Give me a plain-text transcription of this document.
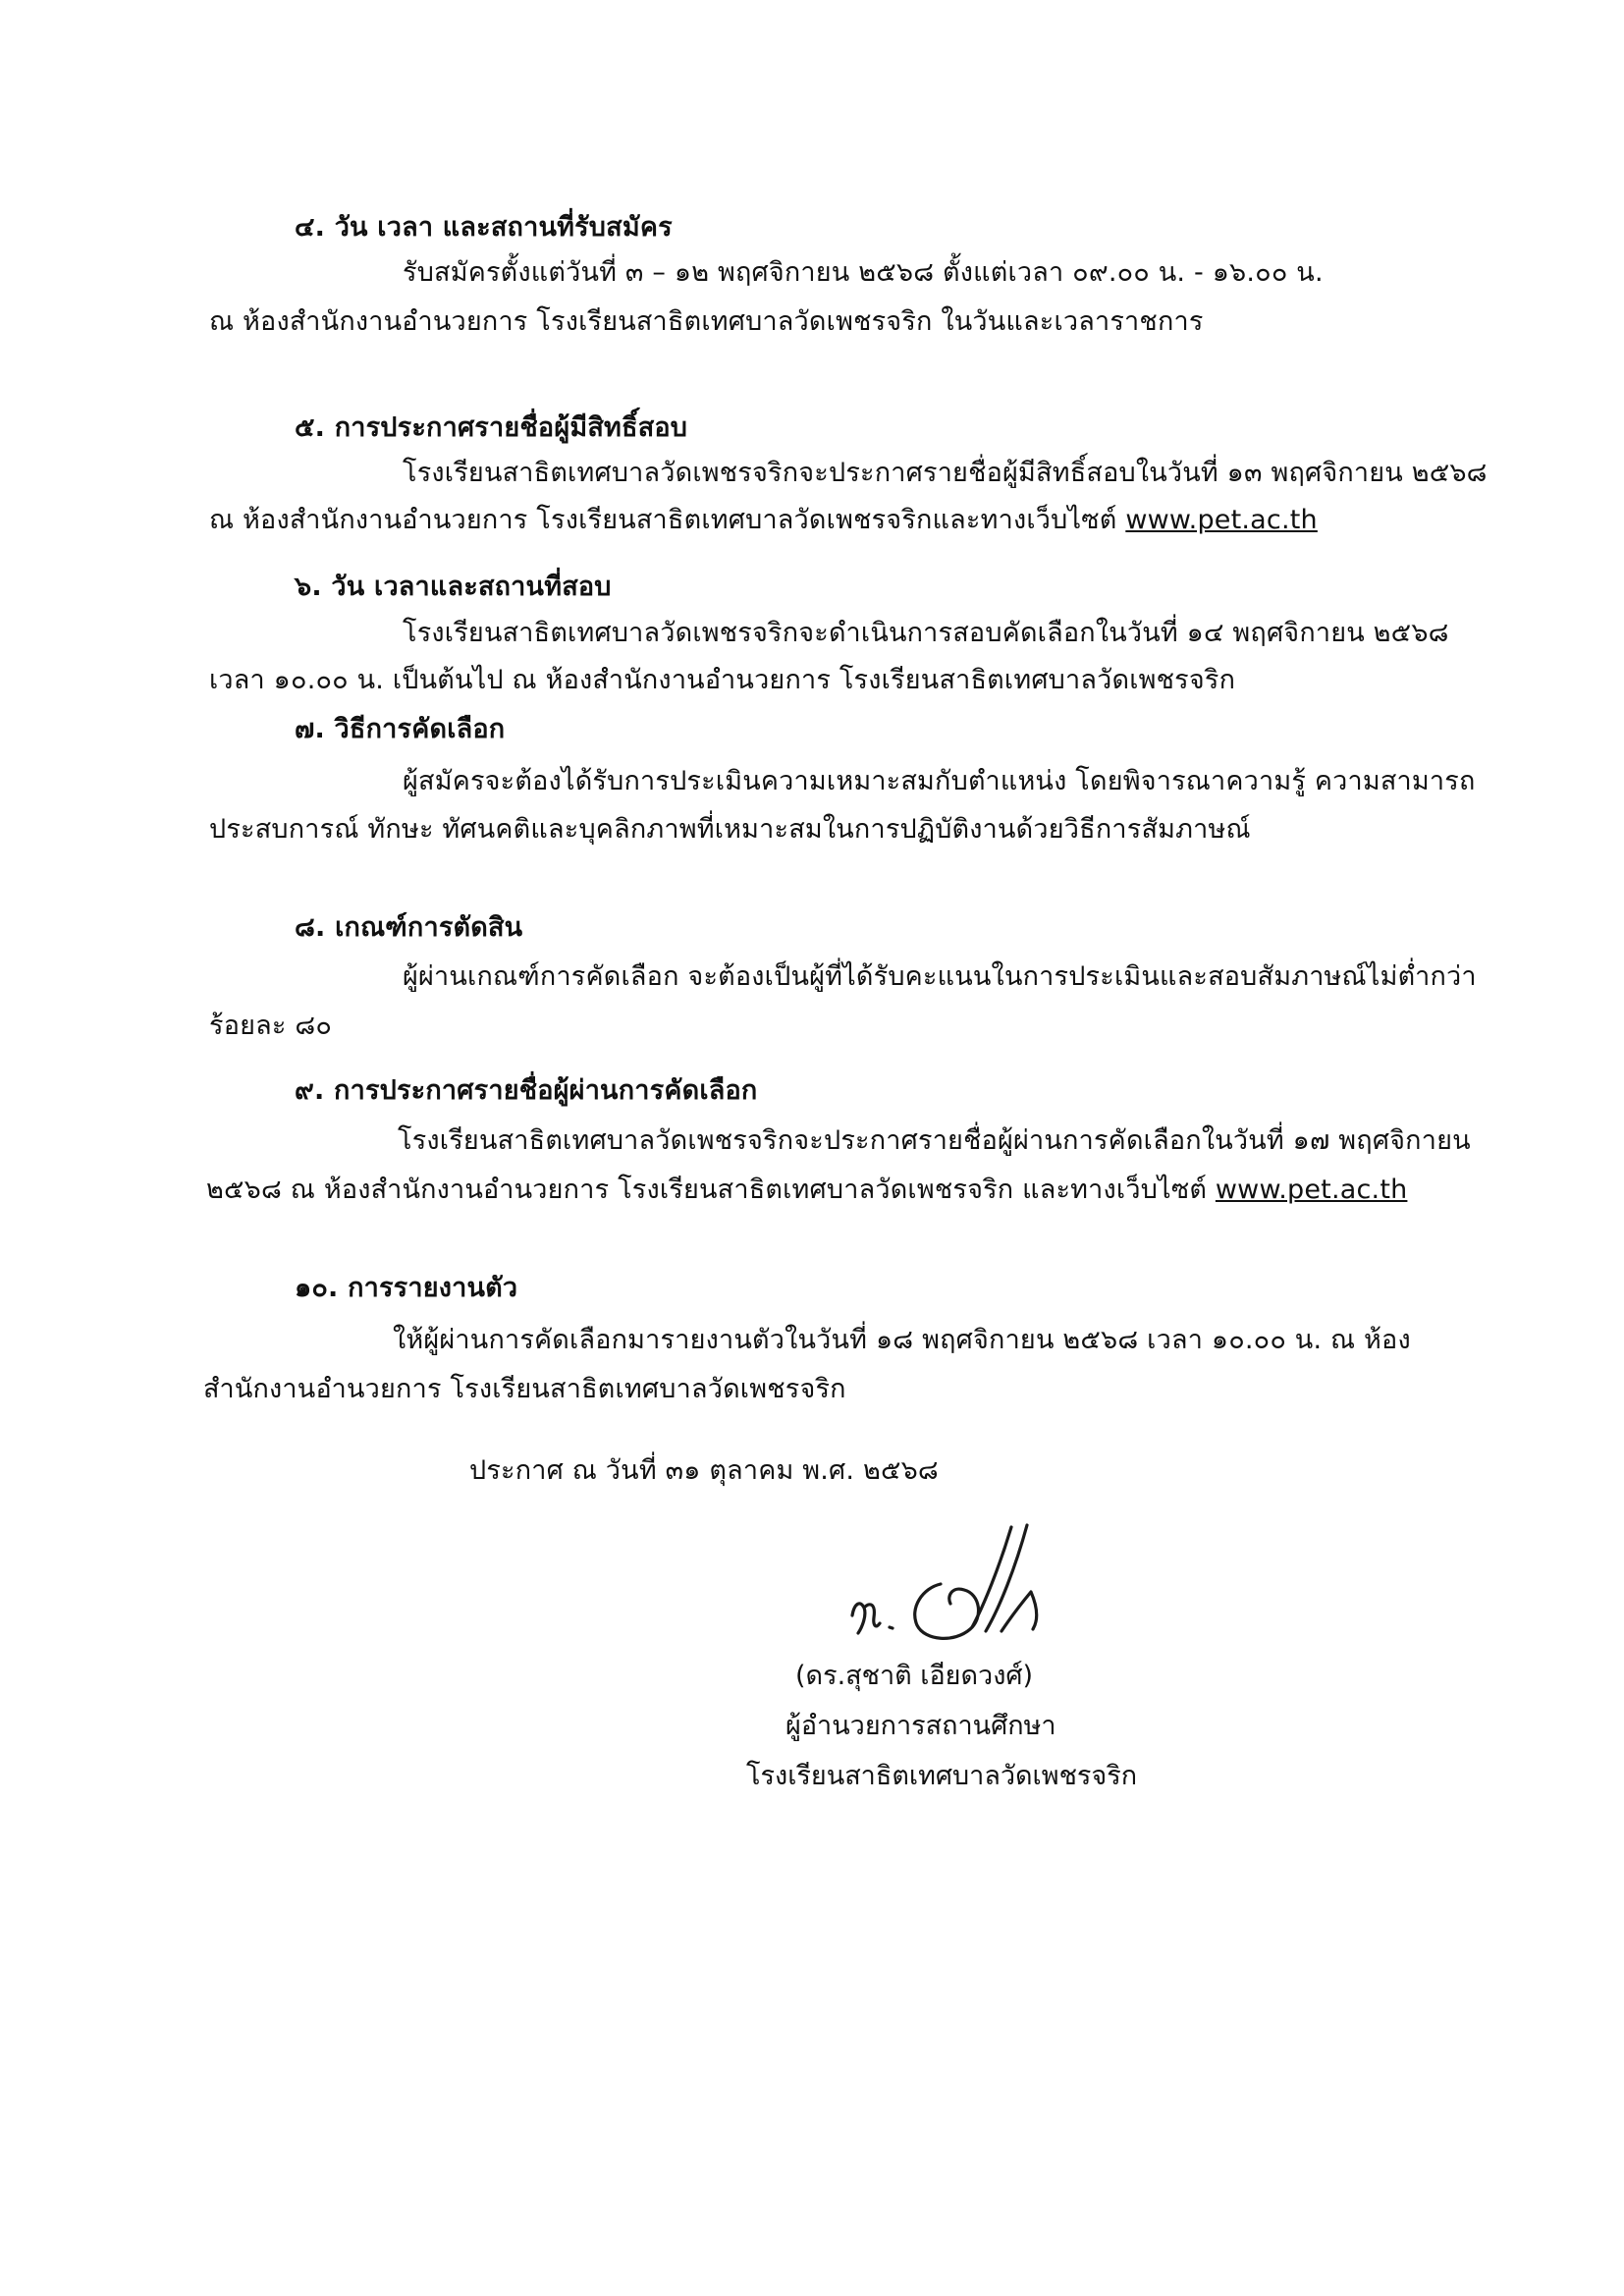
๔. วัน เวลา และสถานที่รับสมัคร
รับสมัครตั้งแต่วันที่ ๓ – ๑๒ พฤศจิกายน ๒๕๖๘ ตั้งแต่เวลา ๐๙.๐๐ น. - ๑๖.๐๐ น.
ณ ห้องสำนักงานอำนวยการ โรงเรียนสาธิตเทศบาลวัดเพชรจริก ในวันและเวลาราชการ
๕. การประกาศรายชื่อผู้มีสิทธิ์สอบ
โรงเรียนสาธิตเทศบาลวัดเพชรจริกจะประกาศรายชื่อผู้มีสิทธิ์สอบในวันที่ ๑๓ พฤศจิกายน ๒๕๖๘
ณ ห้องสำนักงานอำนวยการ โรงเรียนสาธิตเทศบาลวัดเพชรจริกและทางเว็บไซต์ www.pet.ac.th
๖. วัน เวลาและสถานที่สอบ
โรงเรียนสาธิตเทศบาลวัดเพชรจริกจะดำเนินการสอบคัดเลือกในวันที่ ๑๔ พฤศจิกายน ๒๕๖๘
เวลา ๑๐.๐๐ น. เป็นต้นไป ณ ห้องสำนักงานอำนวยการ โรงเรียนสาธิตเทศบาลวัดเพชรจริก
๗. วิธีการคัดเลือก
ผู้สมัครจะต้องได้รับการประเมินความเหมาะสมกับตำแหน่ง โดยพิจารณาความรู้ ความสามารถ
ประสบการณ์ ทักษะ ทัศนคติและบุคลิกภาพที่เหมาะสมในการปฏิบัติงานด้วยวิธีการสัมภาษณ์
๘. เกณฑ์การตัดสิน
ผู้ผ่านเกณฑ์การคัดเลือก จะต้องเป็นผู้ที่ได้รับคะแนนในการประเมินและสอบสัมภาษณ์ไม่ต่ำกว่า
ร้อยละ ๘๐
๙. การประกาศรายชื่อผู้ผ่านการคัดเลือก
โรงเรียนสาธิตเทศบาลวัดเพชรจริกจะประกาศรายชื่อผู้ผ่านการคัดเลือกในวันที่ ๑๗ พฤศจิกายน
๒๕๖๘ ณ ห้องสำนักงานอำนวยการ โรงเรียนสาธิตเทศบาลวัดเพชรจริก และทางเว็บไซต์ www.pet.ac.th
๑๐. การรายงานตัว
ให้ผู้ผ่านการคัดเลือกมารายงานตัวในวันที่ ๑๘ พฤศจิกายน ๒๕๖๘ เวลา ๑๐.๐๐ น. ณ ห้อง
สำนักงานอำนวยการ โรงเรียนสาธิตเทศบาลวัดเพชรจริก
ประกาศ ณ วันที่ ๓๑ ตุลาคม พ.ศ. ๒๕๖๘
(ดร.สุชาติ เอียดวงศ์)
ผู้อำนวยการสถานศึกษา
โรงเรียนสาธิตเทศบาลวัดเพชรจริก
